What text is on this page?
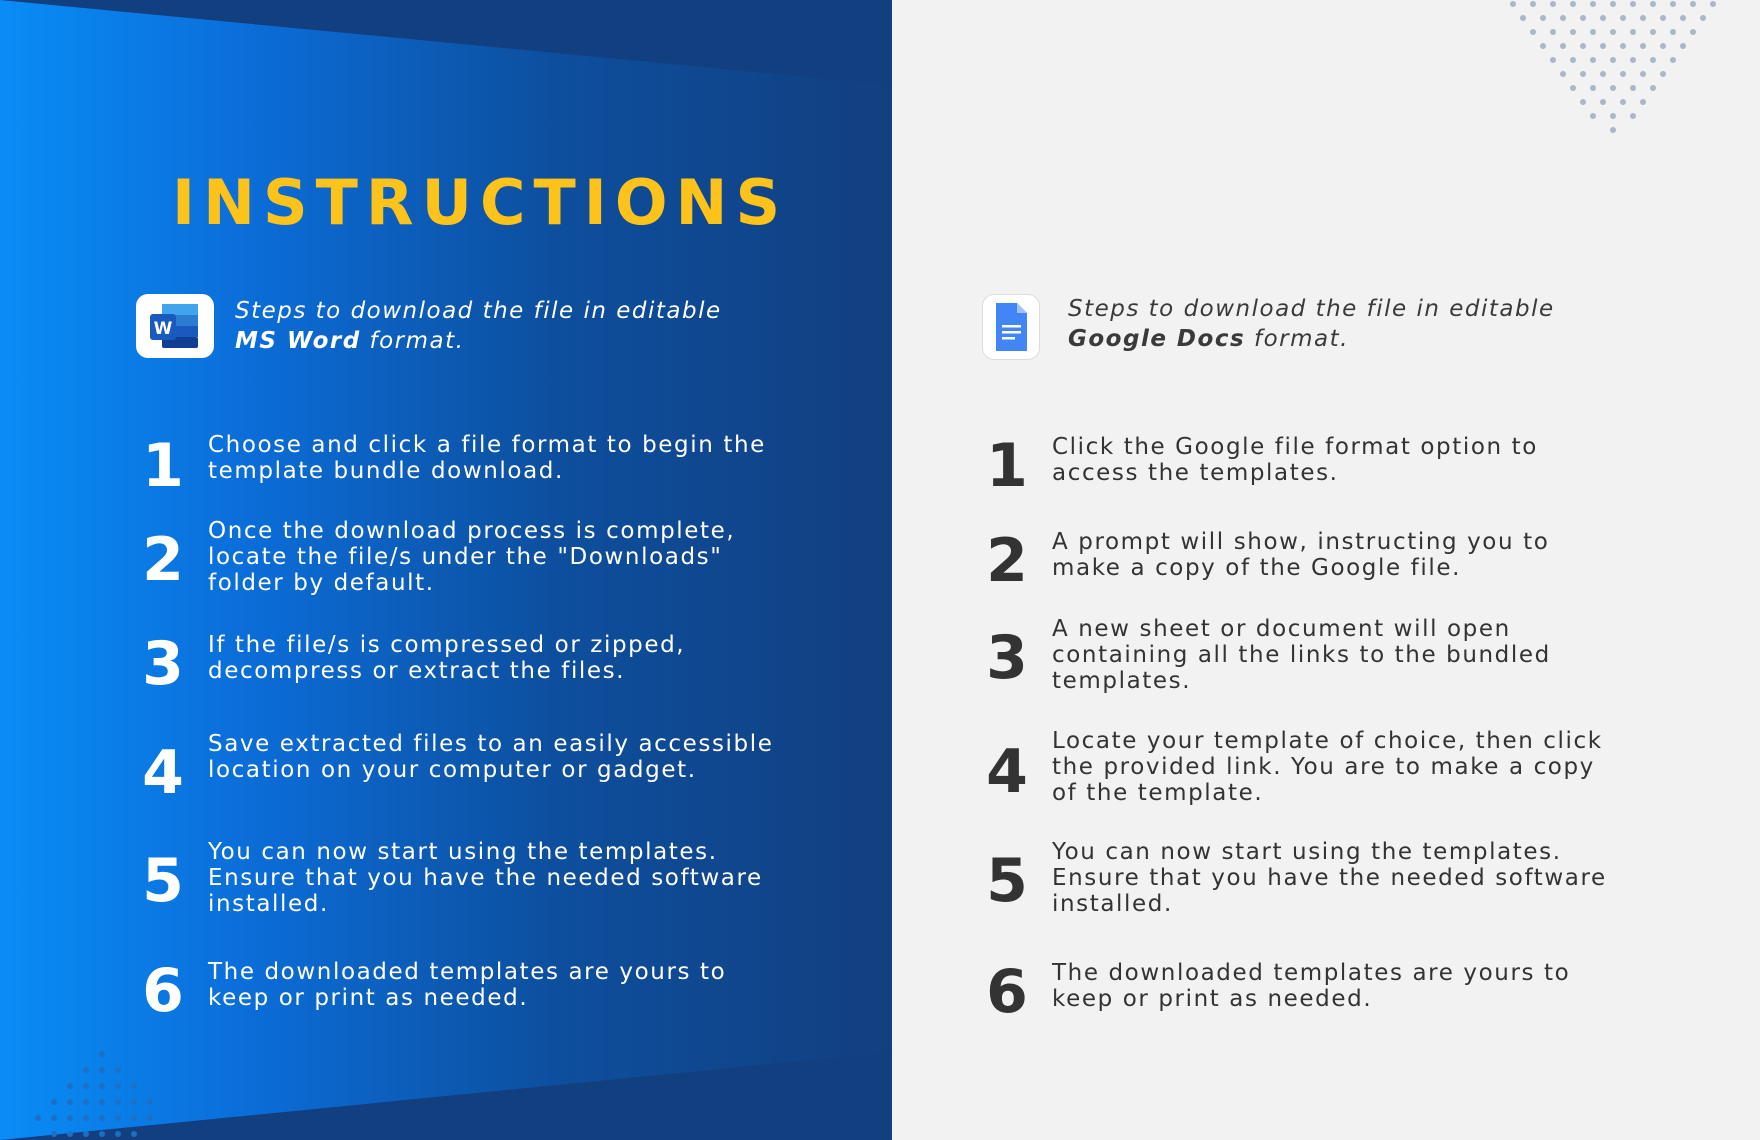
INSTRUCTIONS
W

Steps to download the file in editable
MS Word format.

Steps to download the file in editable
Google Docs format.

1	Choose and click a file format to begin the template bundle download.
2	Once the download process is complete, locate the file/s under the "Downloads" folder by default.
3	If the file/s is compressed or zipped, decompress or extract the files.
4	Save extracted files to an easily accessible location on your computer or gadget.
5	You can now start using the templates. Ensure that you have the needed software installed.
6	The downloaded templates are yours to keep or print as needed.
1	Click the Google file format option to access the templates.
2	A prompt will show, instructing you to make a copy of the Google file.
3	A new sheet or document will open containing all the links to the bundled templates.
4	Locate your template of choice, then click the provided link. You are to make a copy of the template.
5	You can now start using the templates. Ensure that you have the needed software installed.
6	The downloaded templates are yours to keep or print as needed.
